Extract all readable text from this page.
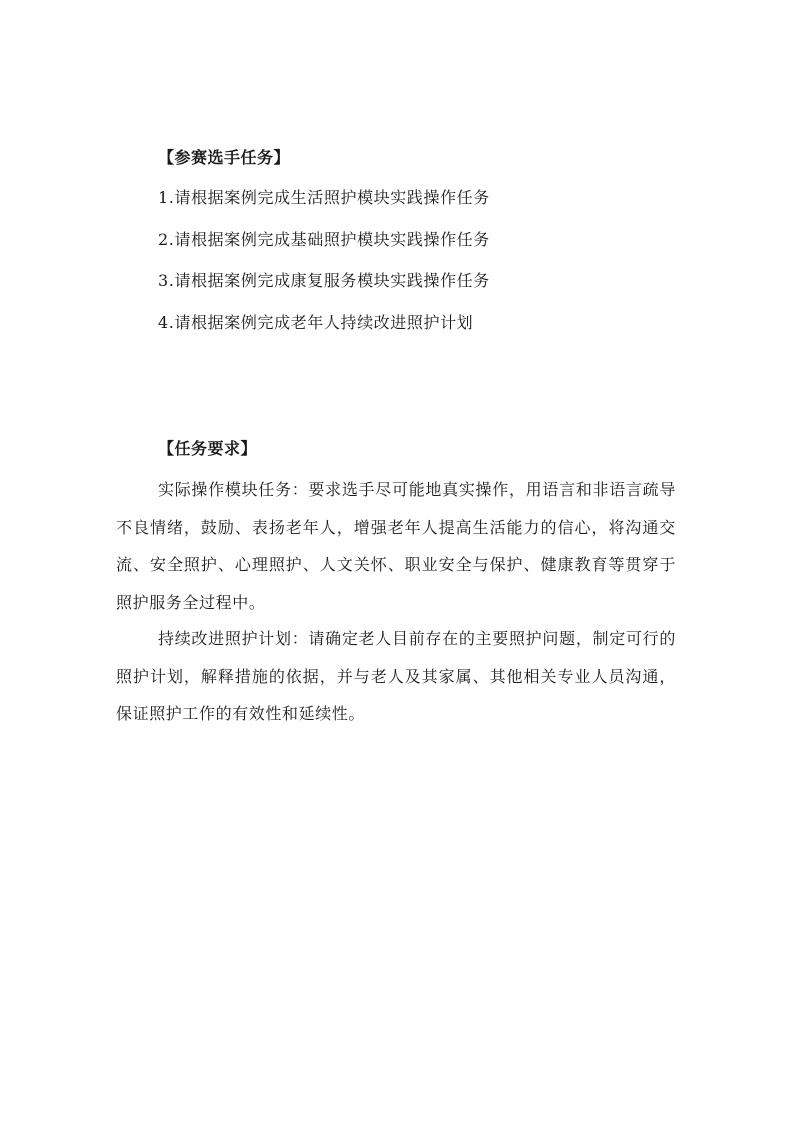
【参赛选手任务】
1.请根据案例完成生活照护模块实践操作任务
2.请根据案例完成基础照护模块实践操作任务
3.请根据案例完成康复服务模块实践操作任务
4.请根据案例完成老年人持续改进照护计划
【任务要求】

实际操作模块任务：要求选手尽可能地真实操作，用语言和非语言疏导不良情绪，鼓励、表扬老年人，增强老年人提高生活能力的信心，将沟通交流、安全照护、心理照护、人文关怀、职业安全与保护、健康教育等贯穿于照护服务全过程中。

持续改进照护计划：请确定老人目前存在的主要照护问题，制定可行的照护计划，解释措施的依据，并与老人及其家属、其他相关专业人员沟通，保证照护工作的有效性和延续性。
